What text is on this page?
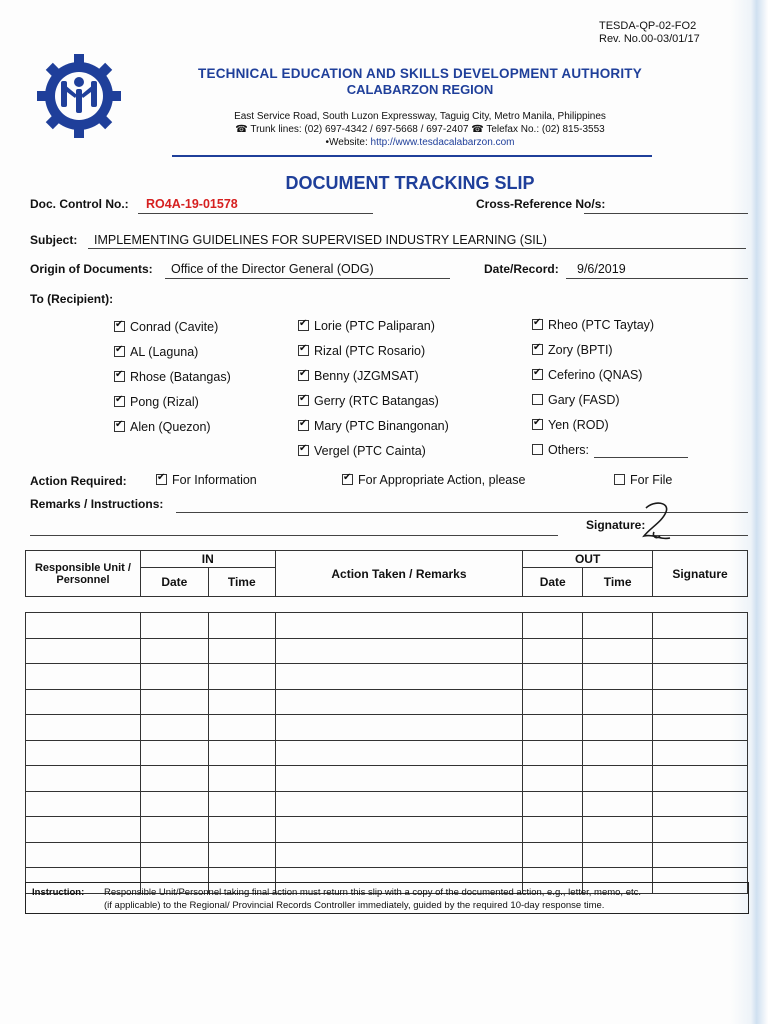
TESDA-QP-02-FO2
Rev. No.00-03/01/17
TECHNICAL EDUCATION AND SKILLS DEVELOPMENT AUTHORITY
CALABARZON REGION
East Service Road, South Luzon Expressway, Taguig City, Metro Manila, Philippines
☎ Trunk lines: (02) 697-4342 / 697-5668 / 697-2407 ☎ Telefax No.: (02) 815-3553
•Website: http://www.tesdacalabarzon.com
DOCUMENT TRACKING SLIP
Doc. Control No.: RO4A-19-01578	Cross-Reference No/s:
Subject: IMPLEMENTING GUIDELINES FOR SUPERVISED INDUSTRY LEARNING (SIL)
Origin of Documents: Office of the Director General (ODG)	Date/Record: 9/6/2019
To (Recipient):
✔Conrad (Cavite)
✔AL (Laguna)
✔Rhose (Batangas)
✔Pong (Rizal)
✔Alen (Quezon)
✔Lorie (PTC Paliparan)
✔Rizal (PTC Rosario)
✔Benny (JZGMSAT)
✔Gerry (RTC Batangas)
✔Mary (PTC Binangonan)
✔Vergel (PTC Cainta)
✔Rheo (PTC Taytay)
✔Zory (BPTI)
✔Ceferino (QNAS)
Gary (FASD)
✔Yen (ROD)
Others:
Action Required: ✔	For Information ✔	For Appropriate Action, please	For File
Remarks / Instructions:
Signature:
Responsible Unit / Personnel	IN		Action Taken / Remarks	OUT		Signature
	Date	Time		Date	Time	

Instruction: Responsible Unit/Personnel taking final action must return this slip with a copy of the documented action, e.g., letter, memo, etc.
(if applicable) to the Regional/ Provincial Records Controller immediately, guided by the required 10-day response time.
